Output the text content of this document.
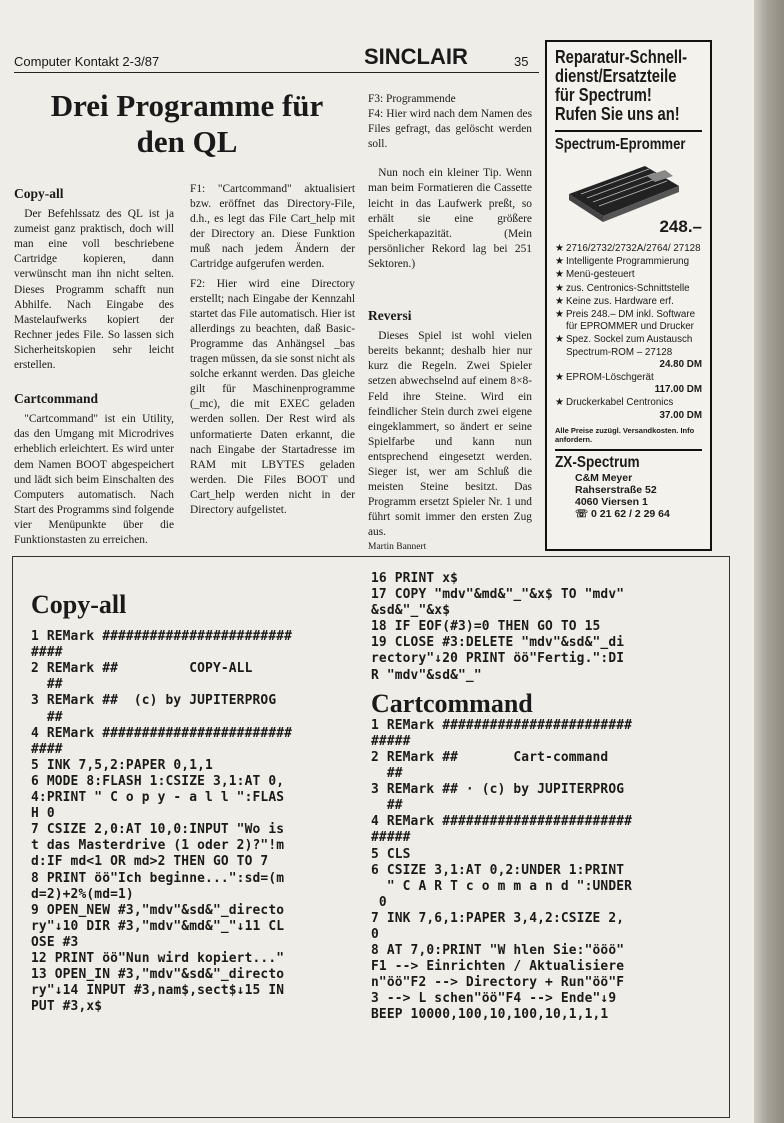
Computer Kontakt 2-3/87	SINCLAIR	35
Drei Programme für
den QL
Copy-all

Der Befehlssatz des QL ist ja zumeist ganz praktisch, doch will man eine voll beschriebene Cartridge kopieren, dann verwünscht man ihn nicht selten. Dieses Programm schafft nun Abhilfe. Nach Eingabe des Mastelaufwerks kopiert der Rechner jedes File. So lassen sich Sicherheitskopien sehr leicht erstellen.

Cartcommand

"Cartcommand" ist ein Utility, das den Umgang mit Microdrives erheblich erleichtert. Es wird unter dem Namen BOOT abgespeichert und lädt sich beim Einschalten des Computers automatisch. Nach Start des Programms sind folgende vier Menüpunkte über die Funktionstasten zu erreichen.

F1: "Cartcommand" aktualisiert bzw. eröffnet das Directory-File, d.h., es legt das File Cart_help mit der Directory an. Diese Funktion muß nach jedem Ändern der Cartridge aufgerufen werden.

F2: Hier wird eine Directory erstellt; nach Eingabe der Kennzahl startet das File automatisch. Hier ist allerdings zu beachten, daß Basic-Programme das Anhängsel _bas tragen müssen, da sie sonst nicht als solche erkannt werden. Das gleiche gilt für Maschinenprogramme (_mc), die mit EXEC geladen werden sollen. Der Rest wird als unformatierte Daten erkannt, die nach Eingabe der Startadresse im RAM mit LBYTES geladen werden. Die Files BOOT und Cart_help werden nicht in der Directory aufgelistet.

F3: Programmende

F4: Hier wird nach dem Namen des Files gefragt, das gelöscht werden soll.

Nun noch ein kleiner Tip. Wenn man beim Formatieren die Cassette leicht in das Laufwerk preßt, so erhält sie eine größere Speicherkapazität. (Mein persönlicher Rekord lag bei 251 Sektoren.)

Reversi

Dieses Spiel ist wohl vielen bereits bekannt; deshalb hier nur kurz die Regeln. Zwei Spieler setzen abwechselnd auf einem 8×8-Feld ihre Steine. Wird ein feindlicher Stein durch zwei eigene eingeklammert, so ändert er seine Spielfarbe und kann nun entsprechend eingesetzt werden. Sieger ist, wer am Schluß die meisten Steine besitzt. Das Programm ersetzt Spieler Nr. 1 und führt somit immer den ersten Zug aus.

Martin Bannert

Reparatur-Schnell-
dienst/Ersatzteile
für Spectrum!
Rufen Sie uns an!
Spectrum-Eprommer
248.–
★ 2716/2732/2732A/2764/ 27128
★ Intelligente Programmierung
★ Menü-gesteuert
★ zus. Centronics-Schnittstelle
★ Keine zus. Hardware erf.
★ Preis 248.– DM inkl. Software für EPROMMER und Drucker
★ Spez. Sockel zum Austausch Spectrum-ROM – 27128
24.80 DM
★ EPROM-Löschgerät
117.00 DM
★ Druckerkabel Centronics
37.00 DM
Alle Preise zuzügl. Versandkosten. Info anfordern.
ZX-Spectrum
C&M Meyer
Rahserstraße 52
4060 Viersen 1
☏ 0 21 62 / 2 29 64
Copy-all
1 REMark ########################
####
2 REMark ##         COPY-ALL
##
3 REMark ##  (c) by JUPITERPROG
##
4 REMark ########################
####
5 INK 7,5,2:PAPER 0,1,1
6 MODE 8:FLASH 1:CSIZE 3,1:AT 0,
4:PRINT " C o p y - a l l ":FLAS
H 0
7 CSIZE 2,0:AT 10,0:INPUT "Wo is
t das Masterdrive (1 oder 2)?"!m
d:IF md<1 OR md>2 THEN GO TO 7
8 PRINT öö"Ich beginne...":sd=(m
d=2)+2%(md=1)
9 OPEN_NEW #3,"mdv"&sd&"_directo
ry"↓10 DIR #3,"mdv"&md&"_"↓11 CL
OSE #3
12 PRINT öö"Nun wird kopiert..."
13 OPEN_IN #3,"mdv"&sd&"_directo
ry"↓14 INPUT #3,nam$,sect$↓15 IN
PUT #3,x$
16 PRINT x$
17 COPY "mdv"&md&"_"&x$ TO "mdv"
&sd&"_"&x$
18 IF EOF(#3)=0 THEN GO TO 15
19 CLOSE #3:DELETE "mdv"&sd&"_di
rectory"↓20 PRINT öö"Fertig.":DI
R "mdv"&sd&"_"
Cartcommand
1 REMark ########################
#####
2 REMark ##       Cart-command
##
3 REMark ## · (c) by JUPITERPROG
##
4 REMark ########################
#####
5 CLS
6 CSIZE 3,1:AT 0,2:UNDER 1:PRINT
" C A R T c o m m a n d ":UNDER
0
7 INK 7,6,1:PAPER 3,4,2:CSIZE 2,
0
8 AT 7,0:PRINT "W hlen Sie:"ööö"
F1 --> Einrichten / Aktualisiere
n"öö"F2 --> Directory + Run"öö"F
3 --> L schen"öö"F4 --> Ende"↓9
BEEP 10000,100,10,100,10,1,1,1
